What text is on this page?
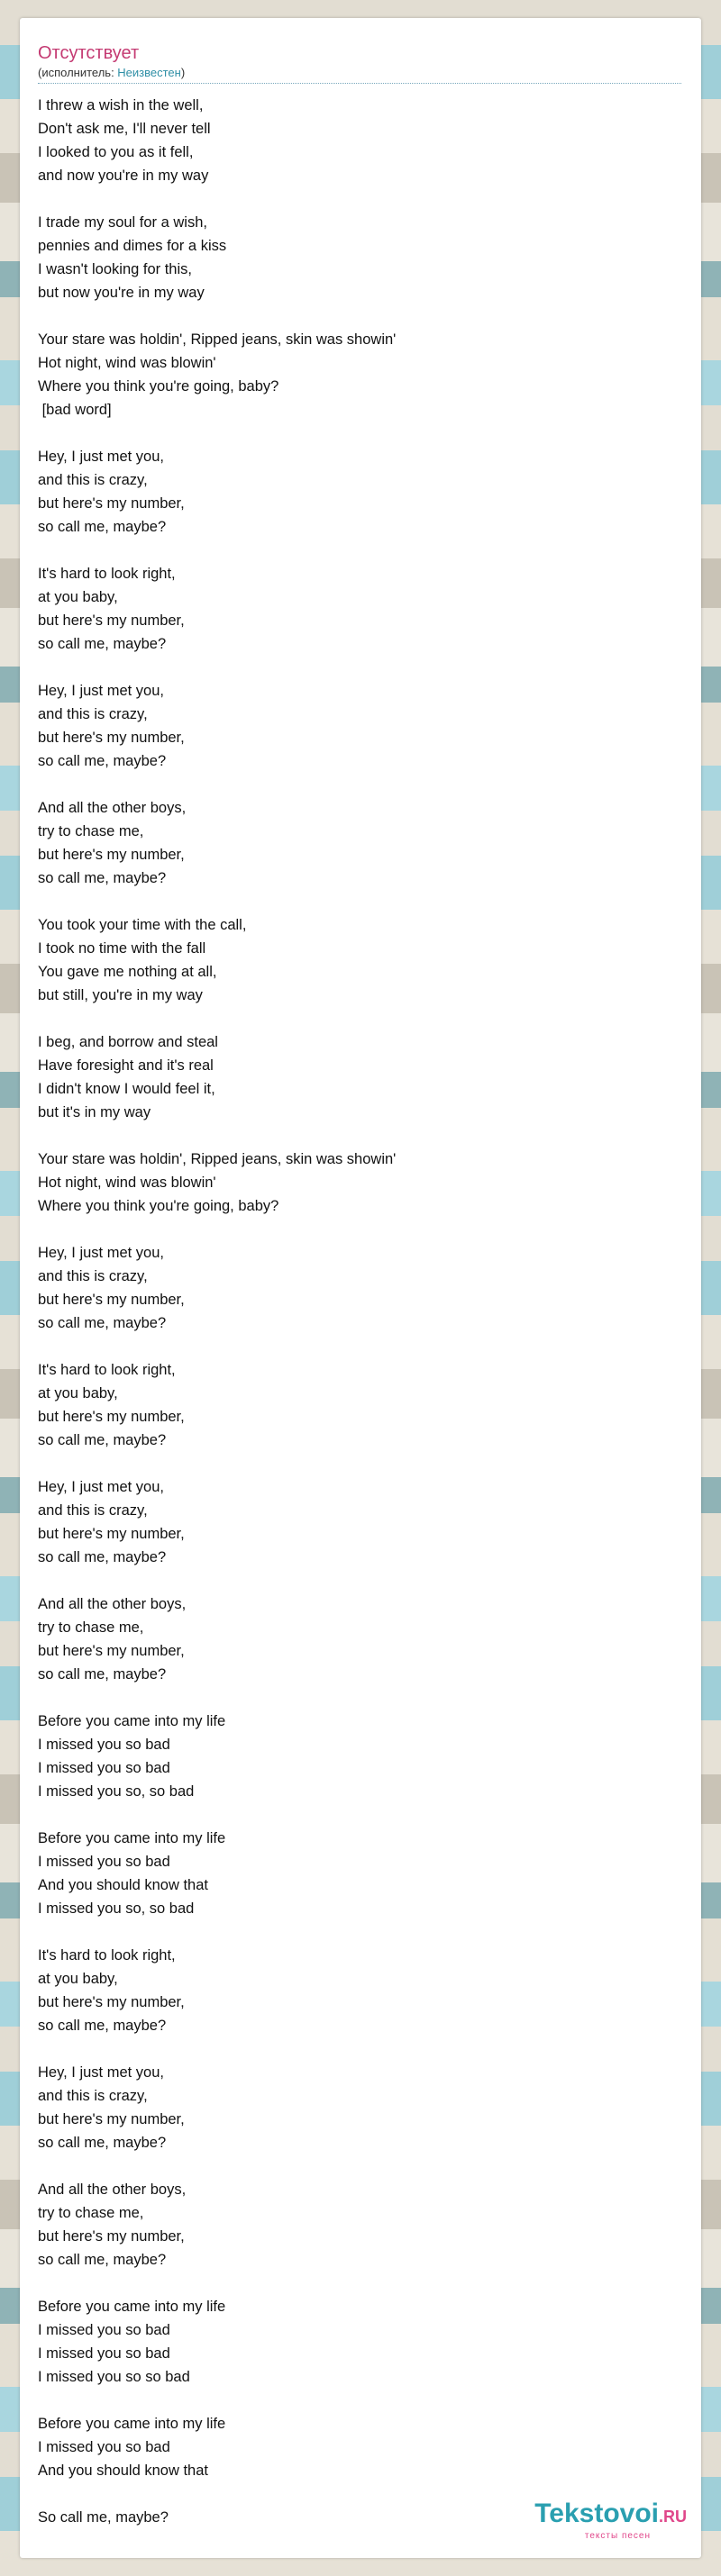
Отсутствует
(исполнитель: Неизвестен)
I threw a wish in the well,
Don't ask me, I'll never tell
I looked to you as it fell,
and now you're in my way
I trade my soul for a wish,
pennies and dimes for a kiss
I wasn't looking for this,
but now you're in my way
Your stare was holdin', Ripped jeans, skin was showin'
Hot night, wind was blowin'
Where you think you're going, baby?
[bad word]
Hey, I just met you,
and this is crazy,
but here's my number,
so call me, maybe?
It's hard to look right,
at you baby,
but here's my number,
so call me, maybe?
Hey, I just met you,
and this is crazy,
but here's my number,
so call me, maybe?
And all the other boys,
try to chase me,
but here's my number,
so call me, maybe?
You took your time with the call,
I took no time with the fall
You gave me nothing at all,
but still, you're in my way
I beg, and borrow and steal
Have foresight and it's real
I didn't know I would feel it,
but it's in my way
Your stare was holdin', Ripped jeans, skin was showin'
Hot night, wind was blowin'
Where you think you're going, baby?
Hey, I just met you,
and this is crazy,
but here's my number,
so call me, maybe?
It's hard to look right,
at you baby,
but here's my number,
so call me, maybe?
Hey, I just met you,
and this is crazy,
but here's my number,
so call me, maybe?
And all the other boys,
try to chase me,
but here's my number,
so call me, maybe?
Before you came into my life
I missed you so bad
I missed you so bad
I missed you so, so bad
Before you came into my life
I missed you so bad
And you should know that
I missed you so, so bad
It's hard to look right,
at you baby,
but here's my number,
so call me, maybe?
Hey, I just met you,
and this is crazy,
but here's my number,
so call me, maybe?
And all the other boys,
try to chase me,
but here's my number,
so call me, maybe?
Before you came into my life
I missed you so bad
I missed you so bad
I missed you so so bad
Before you came into my life
I missed you so bad
And you should know that
So call me, maybe?	Tekstovoi.RU
тексты песен
